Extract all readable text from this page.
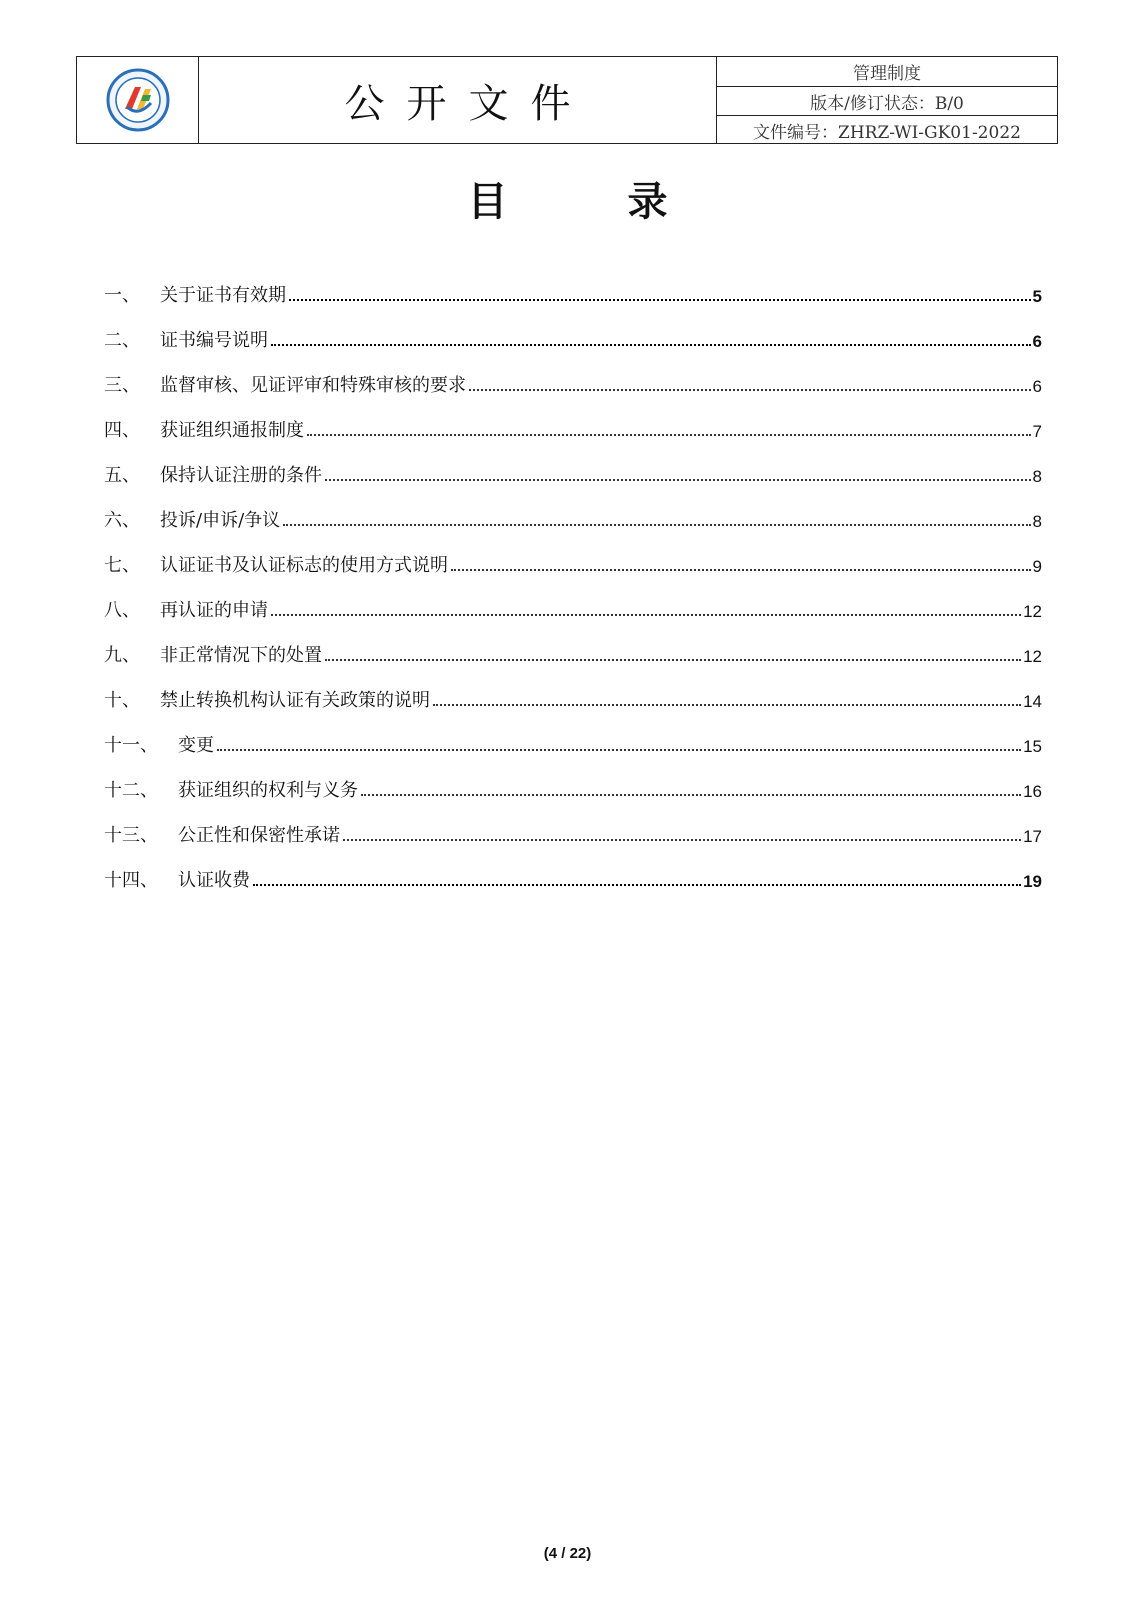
公开文件
管理制度
版本/修订状态：B/0
文件编号：ZHRZ-WI-GK01-2022
目　录
一、 关于证书有效期	5
二、 证书编号说明	6
三、 监督审核、见证评审和特殊审核的要求	6
四、 获证组织通报制度	7
五、 保持认证注册的条件	8
六、 投诉/申诉/争议	8
七、 认证证书及认证标志的使用方式说明	9
八、 再认证的申请	12
九、 非正常情况下的处置	12
十、 禁止转换机构认证有关政策的说明	14
十一、 变更	15
十二、 获证组织的权利与义务	16
十三、 公正性和保密性承诺	17
十四、 认证收费	19
(4 / 22)
